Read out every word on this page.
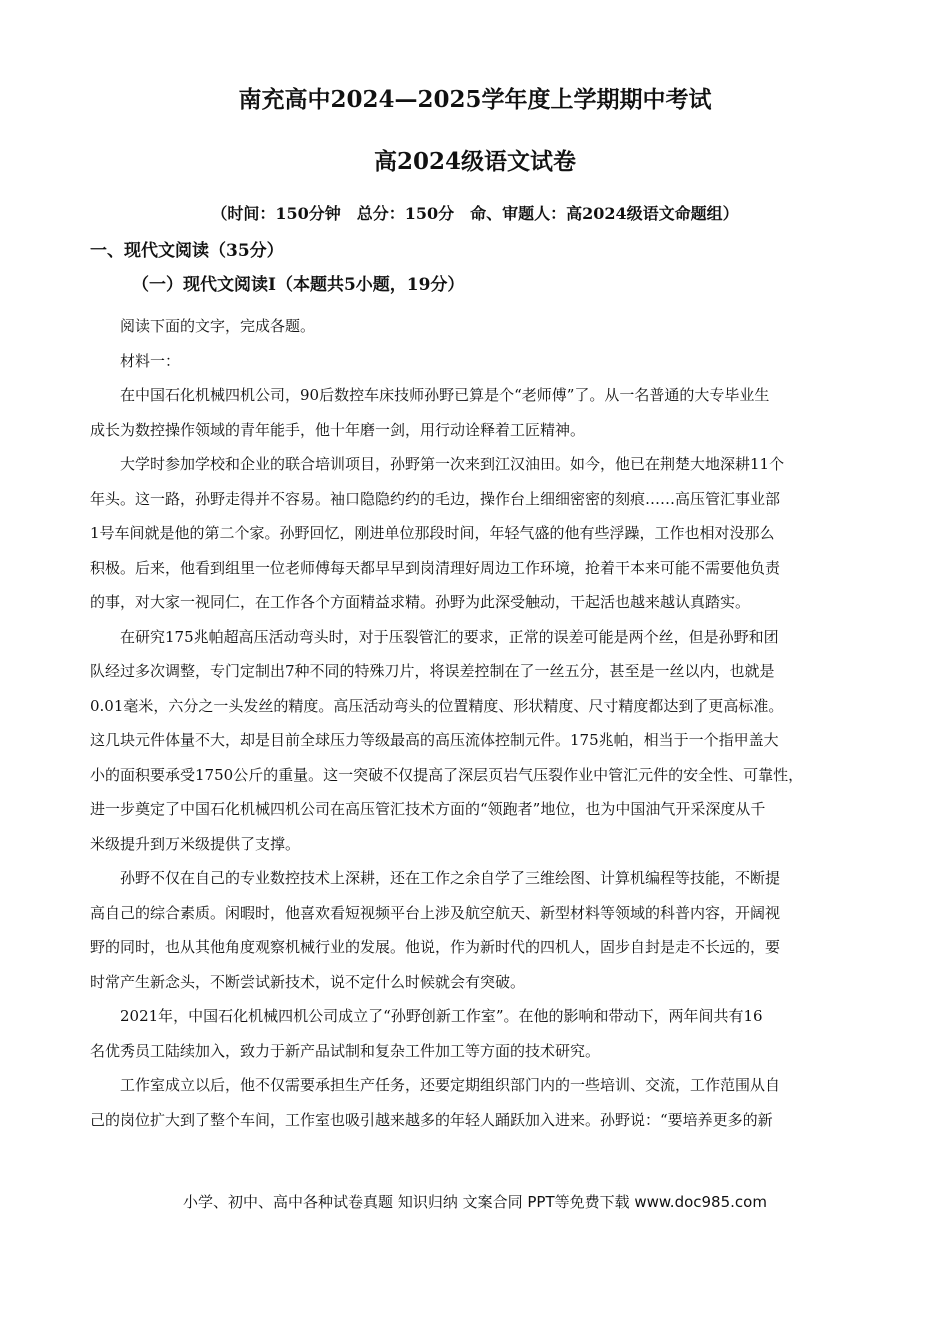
南充高中2024—2025学年度上学期期中考试
高2024级语文试卷
（时间：150分钟　总分：150分　命、审题人：高2024级语文命题组）
一、现代文阅读（35分）
（一）现代文阅读Ⅰ（本题共5小题，19分）
阅读下面的文字，完成各题。
材料一：
在中国石化机械四机公司，90后数控车床技师孙野已算是个“老师傅”了。从一名普通的大专毕业生
成长为数控操作领域的青年能手，他十年磨一剑，用行动诠释着工匠精神。
大学时参加学校和企业的联合培训项目，孙野第一次来到江汉油田。如今，他已在荆楚大地深耕11个
年头。这一路，孙野走得并不容易。袖口隐隐约约的毛边，操作台上细细密密的刻痕……高压管汇事业部
1号车间就是他的第二个家。孙野回忆，刚进单位那段时间，年轻气盛的他有些浮躁，工作也相对没那么
积极。后来，他看到组里一位老师傅每天都早早到岗清理好周边工作环境，抢着干本来可能不需要他负责
的事，对大家一视同仁，在工作各个方面精益求精。孙野为此深受触动，干起活也越来越认真踏实。
在研究175兆帕超高压活动弯头时，对于压裂管汇的要求，正常的误差可能是两个丝，但是孙野和团
队经过多次调整，专门定制出7种不同的特殊刀片，将误差控制在了一丝五分，甚至是一丝以内，也就是
0.01毫米，六分之一头发丝的精度。高压活动弯头的位置精度、形状精度、尺寸精度都达到了更高标准。
这几块元件体量不大，却是目前全球压力等级最高的高压流体控制元件。175兆帕，相当于一个指甲盖大
小的面积要承受1750公斤的重量。这一突破不仅提高了深层页岩气压裂作业中管汇元件的安全性、可靠性，
进一步奠定了中国石化机械四机公司在高压管汇技术方面的“领跑者”地位，也为中国油气开采深度从千
米级提升到万米级提供了支撑。
孙野不仅在自己的专业数控技术上深耕，还在工作之余自学了三维绘图、计算机编程等技能，不断提
高自己的综合素质。闲暇时，他喜欢看短视频平台上涉及航空航天、新型材料等领域的科普内容，开阔视
野的同时，也从其他角度观察机械行业的发展。他说，作为新时代的四机人，固步自封是走不长远的，要
时常产生新念头，不断尝试新技术，说不定什么时候就会有突破。
2021年，中国石化机械四机公司成立了“孙野创新工作室”。在他的影响和带动下，两年间共有16
名优秀员工陆续加入，致力于新产品试制和复杂工件加工等方面的技术研究。
工作室成立以后，他不仅需要承担生产任务，还要定期组织部门内的一些培训、交流，工作范围从自
己的岗位扩大到了整个车间，工作室也吸引越来越多的年轻人踊跃加入进来。孙野说：“要培养更多的新
小学、初中、高中各种试卷真题 知识归纳 文案合同 PPT等免费下载 www.doc985.com
